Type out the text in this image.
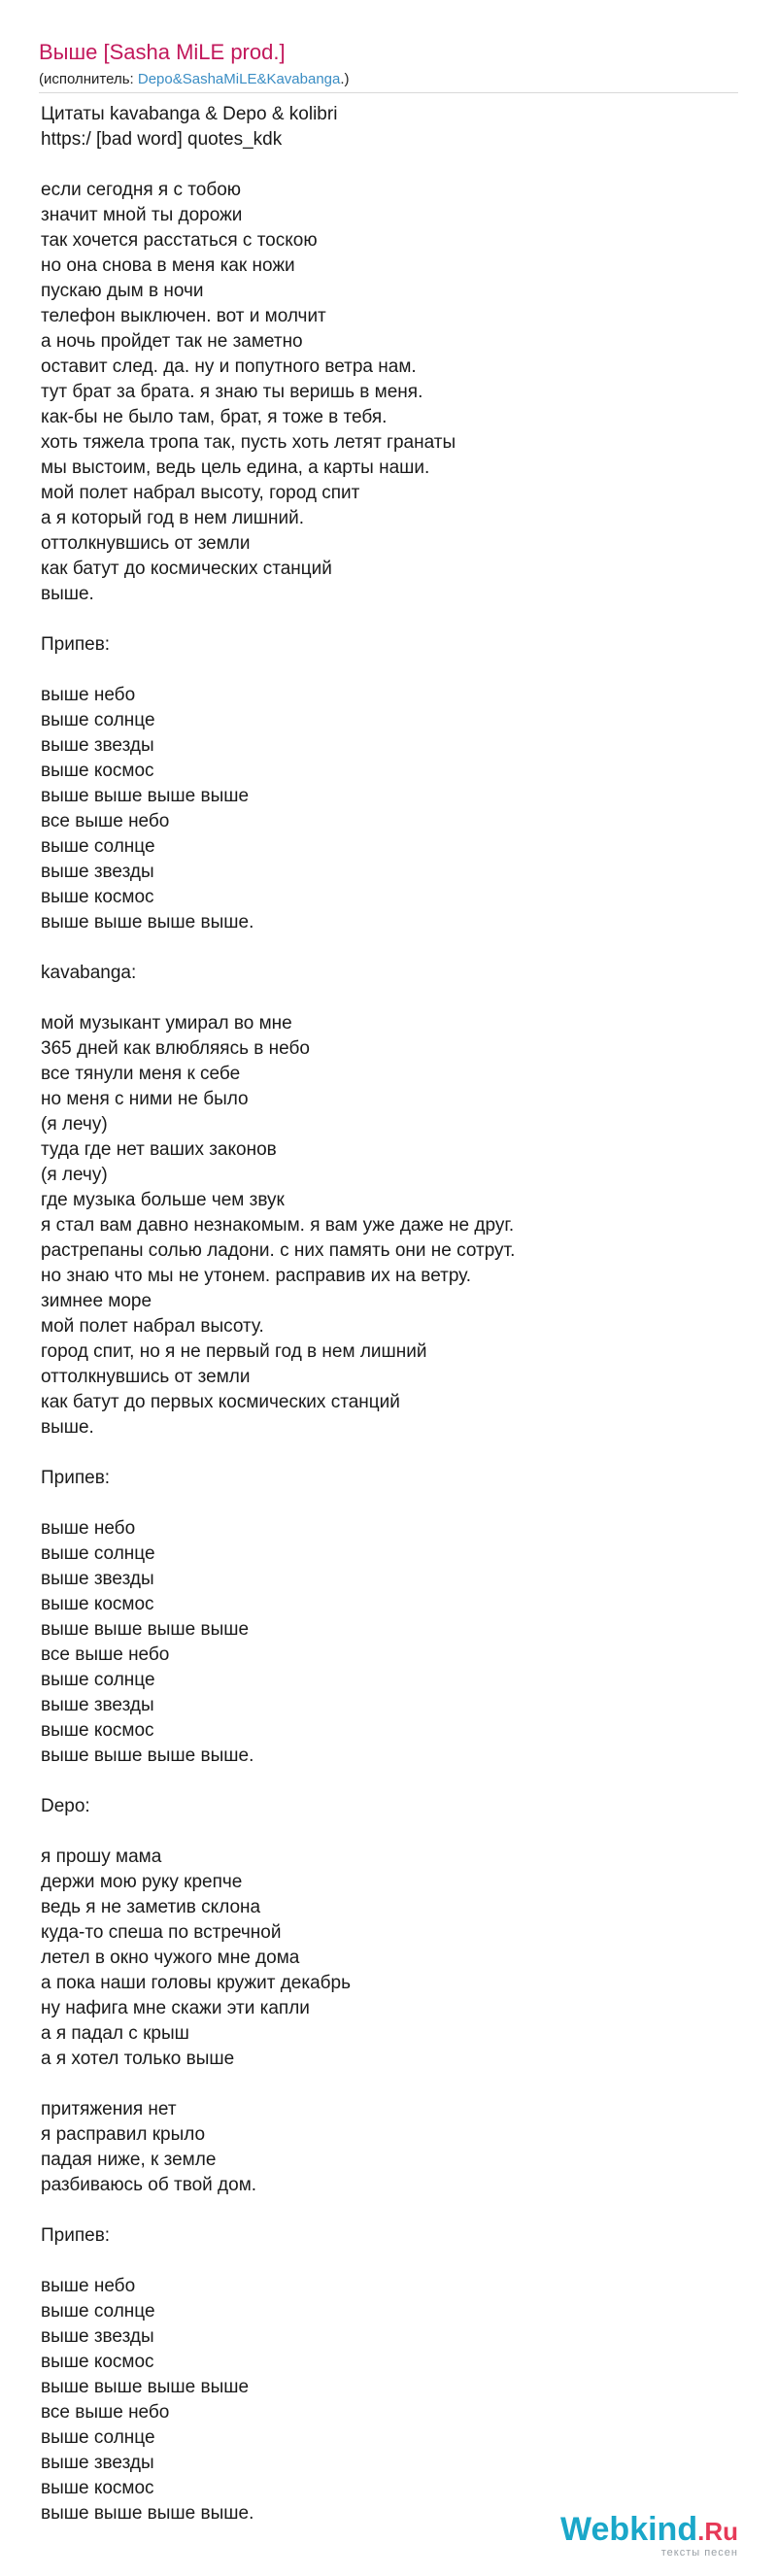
Выше [Sasha MiLE prod.]
(исполнитель: Depo&SashaMiLE&Kavabanga.)
Цитаты kavabanga & Depo & kolibri
https:/ [bad word] quotes_kdk
если сегодня я с тобою
значит мной ты дорожи
так хочется расстаться с тоскою
но она снова в меня как ножи
пускаю дым в ночи
телефон выключен. вот и молчит
а ночь пройдет так не заметно
оставит след. да. ну и попутного ветра нам.
тут брат за брата. я знаю ты веришь в меня.
как-бы не было там, брат, я тоже в тебя.
хоть тяжела тропа так, пусть хоть летят гранаты
мы выстоим, ведь цель едина, а карты наши.
мой полет набрал высоту, город спит
а я который год в нем лишний.
оттолкнувшись от земли
как батут до космических станций
выше.
Припев:
выше небо
выше солнце
выше звезды
выше космос
выше выше выше выше
все выше небо
выше солнце
выше звезды
выше космос
выше выше выше выше.
kavabanga:
мой музыкант умирал во мне
365 дней как влюбляясь в небо
все тянули меня к себе
но меня с ними не было
(я лечу)
туда где нет ваших законов
(я лечу)
где музыка больше чем звук
я стал вам давно незнакомым. я вам уже даже не друг.
растрепаны солью ладони. с них память они не сотрут.
но знаю что мы не утонем. расправив их на ветру.
зимнее море
мой полет набрал высоту.
город спит, но я не первый год в нем лишний
оттолкнувшись от земли
как батут до первых космических станций
выше.
Припев:
выше небо
выше солнце
выше звезды
выше космос
выше выше выше выше
все выше небо
выше солнце
выше звезды
выше космос
выше выше выше выше.
Depo:
я прошу мама
держи мою руку крепче
ведь я не заметив склона
куда-то спеша по встречной
летел в окно чужого мне дома
а пока наши головы кружит декабрь
ну нафига мне скажи эти капли
а я падал с крыш
а я хотел только выше
притяжения нет
я расправил крыло
падая ниже, к земле
разбиваюсь об твой дом.
Припев:
выше небо
выше солнце
выше звезды
выше космос
выше выше выше выше
все выше небо
выше солнце
выше звезды
выше космос
выше выше выше выше.	Webkind.Ru
тексты песен
